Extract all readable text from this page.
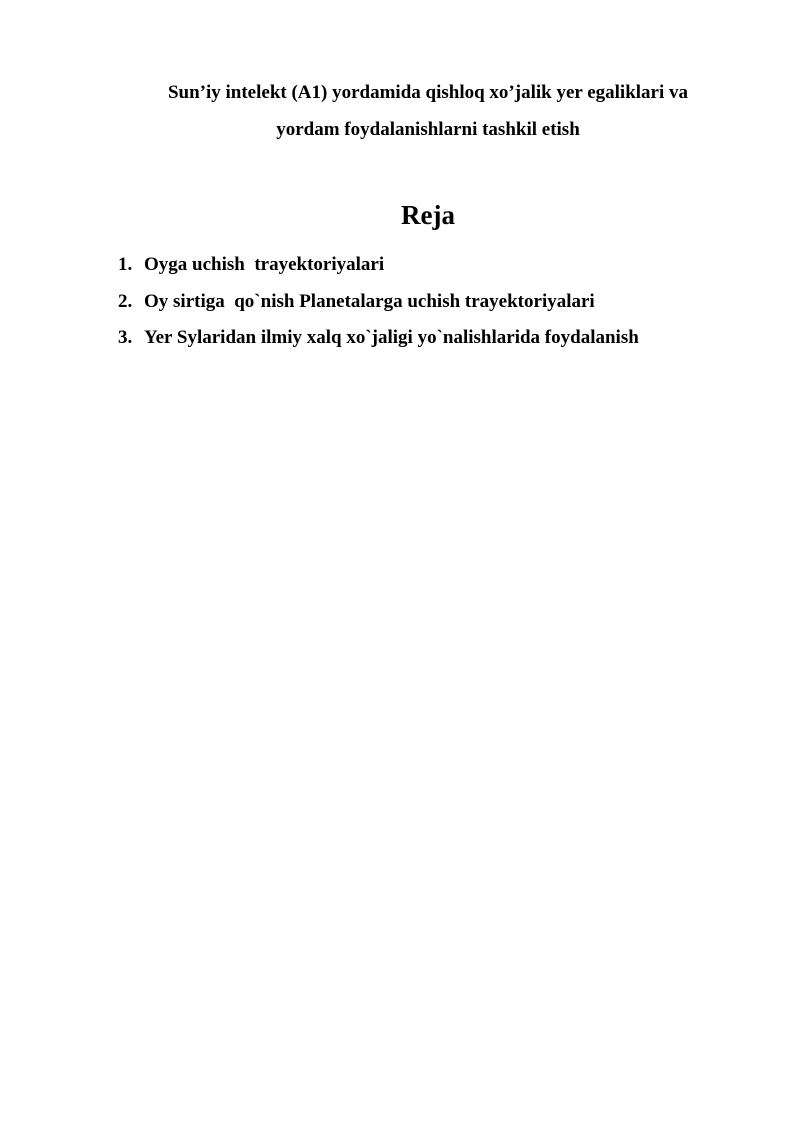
Sun’iy intelekt (A1) yordamida qishloq xo’jalik yer egaliklari va
yordam foydalanishlarni tashkil etish
Reja
1. Oyga uchish  trayektoriyalari
2. Oy sirtiga  qo`nish Planetalarga uchish trayektoriyalari
3. Yer Sylaridan ilmiy xalq xo`jaligi yo`nalishlarida foydalanish
